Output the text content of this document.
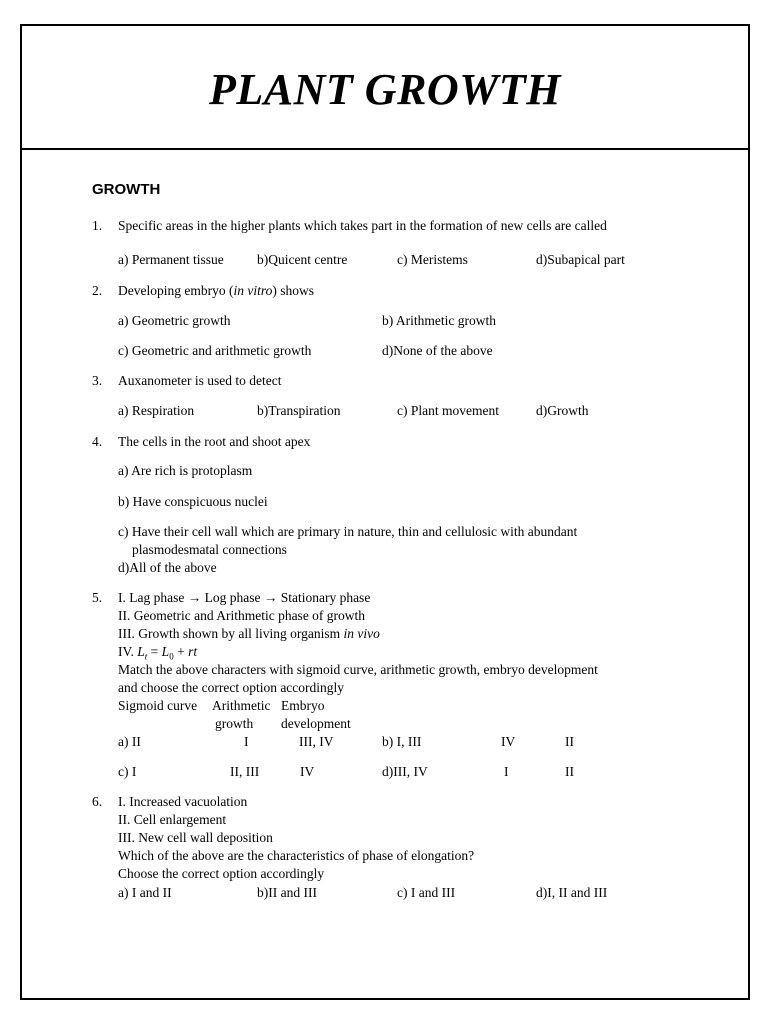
PLANT GROWTH
GROWTH
1. Specific areas in the higher plants which takes part in the formation of new cells are called
a) Permanent tissue b)Quicent centre	c) Meristems	d)Subapical part
2. Developing embryo (in vitro) shows
a) Geometric growth	b) Arithmetic growth
c) Geometric and arithmetic growth	d)None of the above
3. Auxanometer is used to detect
a) Respiration	b)Transpiration	c) Plant movement	d)Growth
4. The cells in the root and shoot apex
a) Are rich is protoplasm
b) Have conspicuous nuclei
c) Have their cell wall which are primary in nature, thin and cellulosic with abundant
plasmodesmatal connections
d)All of the above
5. I. Lag phase → Log phase → Stationary phase
II. Geometric and Arithmetic phase of growth
III. Growth shown by all living organism in vivo
IV. $L_t = L_0$ + rt
Match the above characters with sigmoid curve, arithmetic growth, embryo development
and choose the correct option accordingly
Sigmoid curve Arithmetic Embryo
growth development
a) II	I	III, IV	b) I, III	IV	II
c) I	II, III	IV	d)III, IV	I	II
6. I. Increased vacuolation
II. Cell enlargement
III. New cell wall deposition
Which of the above are the characteristics of phase of elongation?
Choose the correct option accordingly
a) I and II	b)II and III	c) I and III	d)I, II and III
